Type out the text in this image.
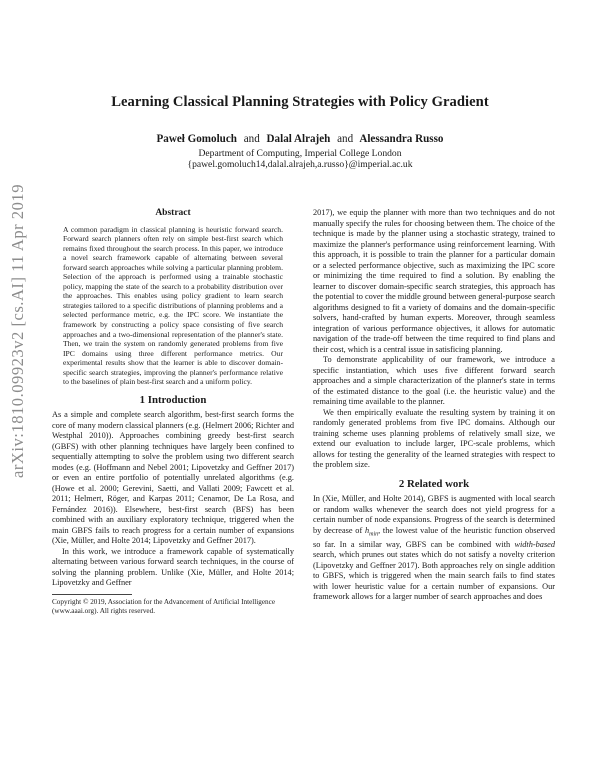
Learning Classical Planning Strategies with Policy Gradient
Paweł Gomoluch and Dalal Alrajeh and Alessandra Russo
Department of Computing, Imperial College London
{pawel.gomoluch14,dalal.alrajeh,a.russo}@imperial.ac.uk
arXiv:1810.09923v2 [cs.AI] 11 Apr 2019	Abstract

A common paradigm in classical planning is heuristic forward search. Forward search planners often rely on simple best-first search which remains fixed throughout the search process. In this paper, we introduce a novel search framework capable of alternating between several forward search approaches while solving a particular planning problem. Selection of the approach is performed using a trainable stochastic policy, mapping the state of the search to a probability distribution over the approaches. This enables using policy gradient to learn search strategies tailored to a specific distributions of planning problems and a selected performance metric, e.g. the IPC score. We instantiate the framework by constructing a policy space consisting of five search approaches and a two-dimensional representation of the planner's state. Then, we train the system on randomly generated problems from five IPC domains using three different performance metrics. Our experimental results show that the learner is able to discover domain-specific search strategies, improving the planner's performance relative to the baselines of plain best-first search and a uniform policy.

1 Introduction

As a simple and complete search algorithm, best-first search forms the core of many modern classical planners (e.g. (Helmert 2006; Richter and Westphal 2010)). Approaches combining greedy best-first search (GBFS) with other planning techniques have largely been confined to sequentially attempting to solve the problem using two different search modes (e.g. (Hoffmann and Nebel 2001; Lipovetzky and Geffner 2017) or even an entire portfolio of potentially unrelated algorithms (e.g. (Howe et al. 2000; Gerevini, Saetti, and Vallati 2009; Fawcett et al. 2011; Helmert, Röger, and Karpas 2011; Cenamor, De La Rosa, and Fernández 2016)). Elsewhere, best-first search (BFS) has been combined with an auxiliary exploratory technique, triggered when the main GBFS fails to reach progress for a certain number of expansions (Xie, Müller, and Holte 2014; Lipovetzky and Geffner 2017).

In this work, we introduce a framework capable of systematically alternating between various forward search techniques, in the course of solving the planning problem. Unlike (Xie, Müller, and Holte 2014; Lipovetzky and Geffner

Copyright © 2019, Association for the Advancement of Artificial Intelligence (www.aaai.org). All rights reserved.

2017), we equip the planner with more than two techniques and do not manually specify the rules for choosing between them. The choice of the technique is made by the planner using a stochastic strategy, trained to maximize the planner's performance using reinforcement learning. With this approach, it is possible to train the planner for a particular domain or a selected performance objective, such as maximizing the IPC score or minimizing the time required to find a solution. By enabling the learner to discover domain-specific search strategies, this approach has the potential to cover the middle ground between general-purpose search algorithms designed to fit a variety of domains and the domain-specific solvers, hand-crafted by human experts. Moreover, through seamless integration of various performance objectives, it allows for automatic navigation of the trade-off between the time required to find plans and their cost, which is a central issue in satisficing planning.

To demonstrate applicability of our framework, we introduce a specific instantiation, which uses five different forward search approaches and a simple characterization of the planner's state in terms of the estimated distance to the goal (i.e. the heuristic value) and the remaining time available to the planner.

We then empirically evaluate the resulting system by training it on randomly generated problems from five IPC domains. Although our training scheme uses planning problems of relatively small size, we extend our evaluation to include larger, IPC-scale problems, which allows for testing the generality of the learned strategies with respect to the problem size.

2 Related work

In (Xie, Müller, and Holte 2014), GBFS is augmented with local search or random walks whenever the search does not yield progress for a certain number of node expansions. Progress of the search is determined by decrease of $h_{min}$, the lowest value of the heuristic function observed so far. In a similar way, GBFS can be combined with width-based search, which prunes out states which do not satisfy a novelty criterion (Lipovetzky and Geffner 2017). Both approaches rely on single addition to GBFS, which is triggered when the main search fails to find states with lower heuristic value for a certain number of expansions. Our framework allows for a larger number of search approaches and does
